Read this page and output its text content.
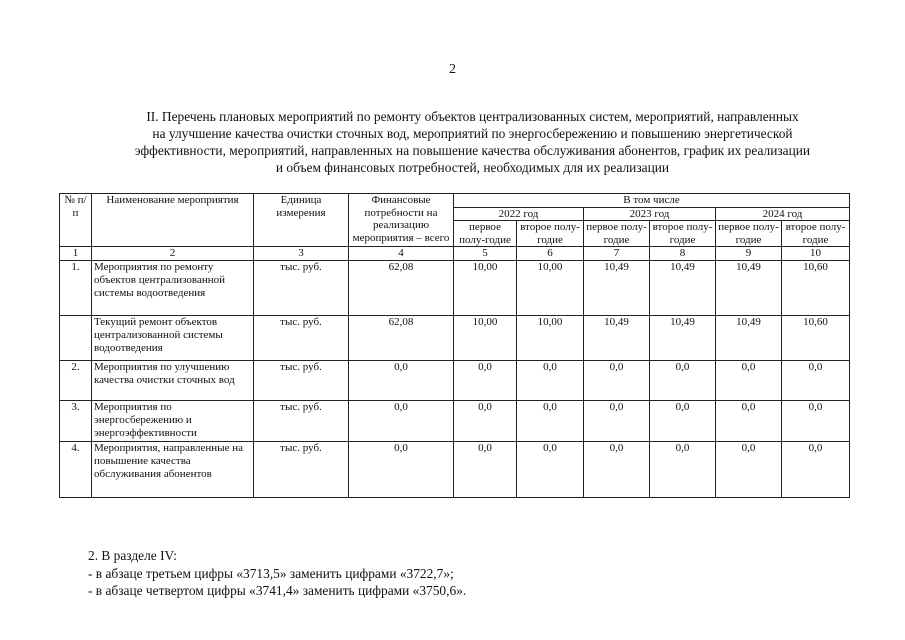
2
II. Перечень плановых мероприятий по ремонту объектов централизованных систем, мероприятий, направленных
на улучшение качества очистки сточных вод, мероприятий по энергосбережению и повышению энергетической
эффективности, мероприятий, направленных на повышение качества обслуживания абонентов, график их реализации
и объем финансовых потребностей, необходимых для их реализации
№ п/п	Наименование мероприятия	Единица измерения	Финансовые потребности на реализацию мероприятия – всего	В том числе					
				2022 год		2023 год		2024 год	
				первое полу-годие	второе полу-годие	первое полу-годие	второе полу-годие	первое полу-годие	второе полу-годие
1	2	3	4	5	6	7	8	9	10
1.	Мероприятия по ремонту объектов централизованной системы водоотведения	тыс. руб.	62,08	10,00	10,00	10,49	10,49	10,49	10,60
	Текущий ремонт объектов централизованной системы водоотведения	тыс. руб.	62,08	10,00	10,00	10,49	10,49	10,49	10,60
2.	Мероприятия по улучшению качества очистки сточных вод	тыс. руб.	0,0	0,0	0,0	0,0	0,0	0,0	0,0
3.	Мероприятия по энергосбережению и энергоэффективности	тыс. руб.	0,0	0,0	0,0	0,0	0,0	0,0	0,0
4.	Мероприятия, направленные на повышение качества обслуживания абонентов	тыс. руб.	0,0	0,0	0,0	0,0	0,0	0,0	0,0
2. В разделе IV:
- в абзаце третьем цифры «3713,5» заменить цифрами «3722,7»;
- в абзаце четвертом цифры «3741,4» заменить цифрами «3750,6».
